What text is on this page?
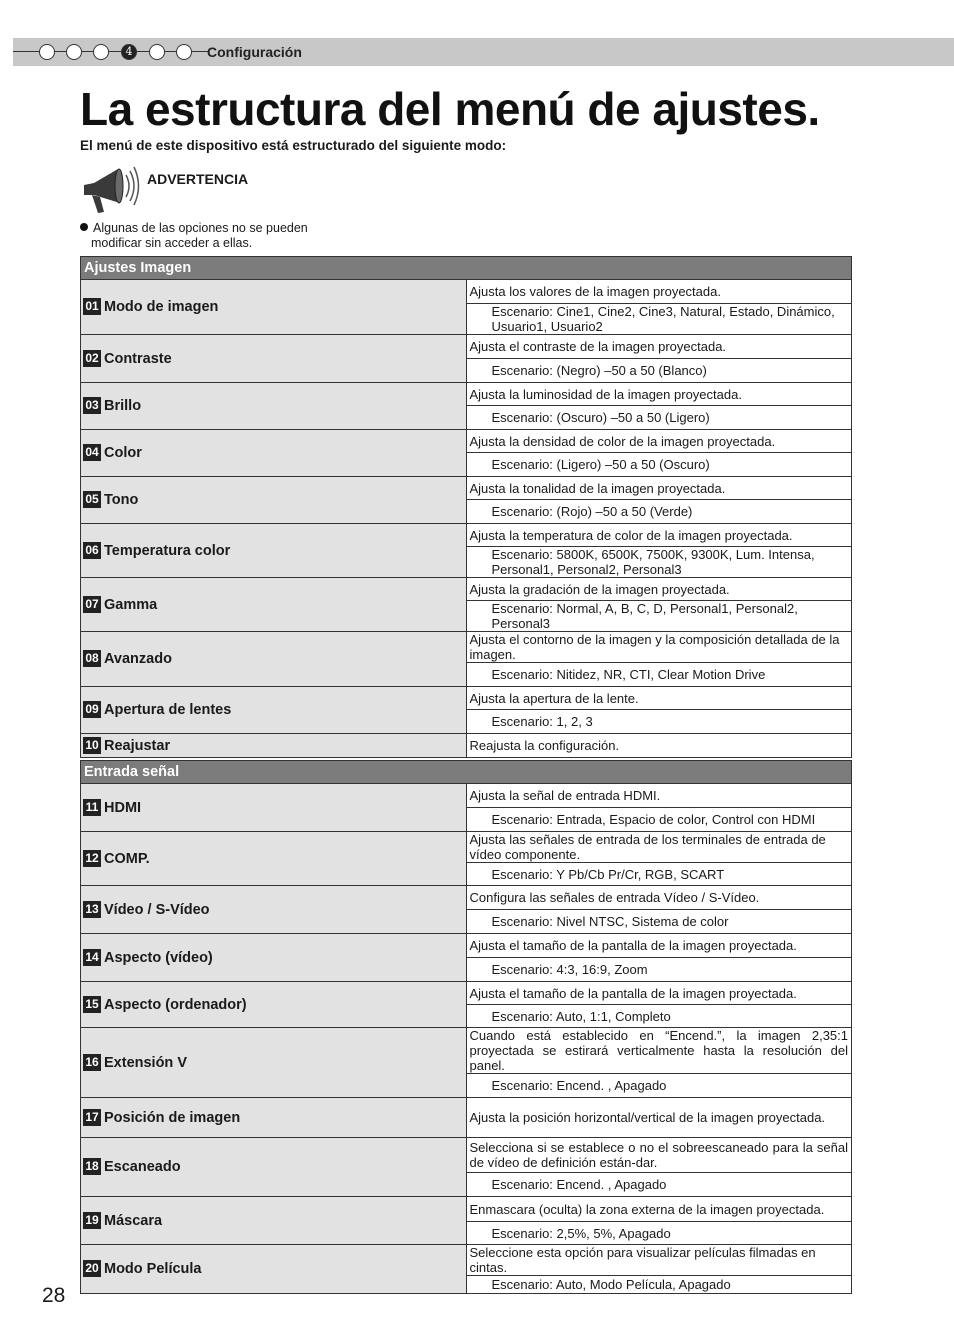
4	Configuración
La estructura del menú de ajustes.

El menú de este dispositivo está estructurado del siguiente modo:

ADVERTENCIA
Algunas de las opciones no se pueden
modificar sin acceder a ellas.
Ajustes Imagen	

01 Modo de imagen	Ajusta los valores de la imagen proyectada.
	Escenario: Cine1, Cine2, Cine3, Natural, Estado, Dinámico, Usuario1, Usuario2

02 Contraste	Ajusta el contraste de la imagen proyectada.
	Escenario: (Negro) –50 a 50 (Blanco)

03 Brillo	Ajusta la luminosidad de la imagen proyectada.
	Escenario: (Oscuro) –50 a 50 (Ligero)

04 Color	Ajusta la densidad de color de la imagen proyectada.
	Escenario: (Ligero) –50 a 50 (Oscuro)

05 Tono	Ajusta la tonalidad de la imagen proyectada.
	Escenario: (Rojo) –50 a 50 (Verde)

06 Temperatura color	Ajusta la temperatura de color de la imagen proyectada.
	Escenario: 5800K, 6500K, 7500K, 9300K, Lum. Intensa, Personal1, Personal2, Personal3

07 Gamma	Ajusta la gradación de la imagen proyectada.
	Escenario: Normal, A, B, C, D, Personal1, Personal2, Personal3

08 Avanzado	Ajusta el contorno de la imagen y la composición detallada de la imagen.
	Escenario: Nitidez, NR, CTI, Clear Motion Drive

09 Apertura de lentes	Ajusta la apertura de la lente.
	Escenario: 1, 2, 3

10 Reajustar	Reajusta la configuración.
Entrada señal	

11 HDMI	Ajusta la señal de entrada HDMI.
	Escenario: Entrada, Espacio de color, Control con HDMI

12 COMP.	Ajusta las señales de entrada de los terminales de entrada de vídeo componente.
	Escenario: Y Pb/Cb Pr/Cr, RGB, SCART

13 Vídeo / S-Vídeo	Configura las señales de entrada Vídeo / S-Vídeo.
	Escenario: Nivel NTSC, Sistema de color

14 Aspecto (vídeo)	Ajusta el tamaño de la pantalla de la imagen proyectada.
	Escenario: 4:3, 16:9, Zoom

15 Aspecto (ordenador)	Ajusta el tamaño de la pantalla de la imagen proyectada.
	Escenario: Auto, 1:1, Completo

16 Extensión V	Cuando está establecido en “Encend.”, la imagen 2,35:1 proyectada se estirará verticalmente hasta la resolución del panel.
	Escenario: Encend. , Apagado

17 Posición de imagen	Ajusta la posición horizontal/vertical de la imagen proyectada.

18 Escaneado	Selecciona si se establece o no el sobreescaneado para la señal de vídeo de definición están-dar.
	Escenario: Encend. , Apagado

19 Máscara	Enmascara (oculta) la zona externa de la imagen proyectada.
	Escenario: 2,5%, 5%, Apagado

20 Modo Película	Seleccione esta opción para visualizar películas filmadas en cintas.
	Escenario: Auto, Modo Película, Apagado
28
